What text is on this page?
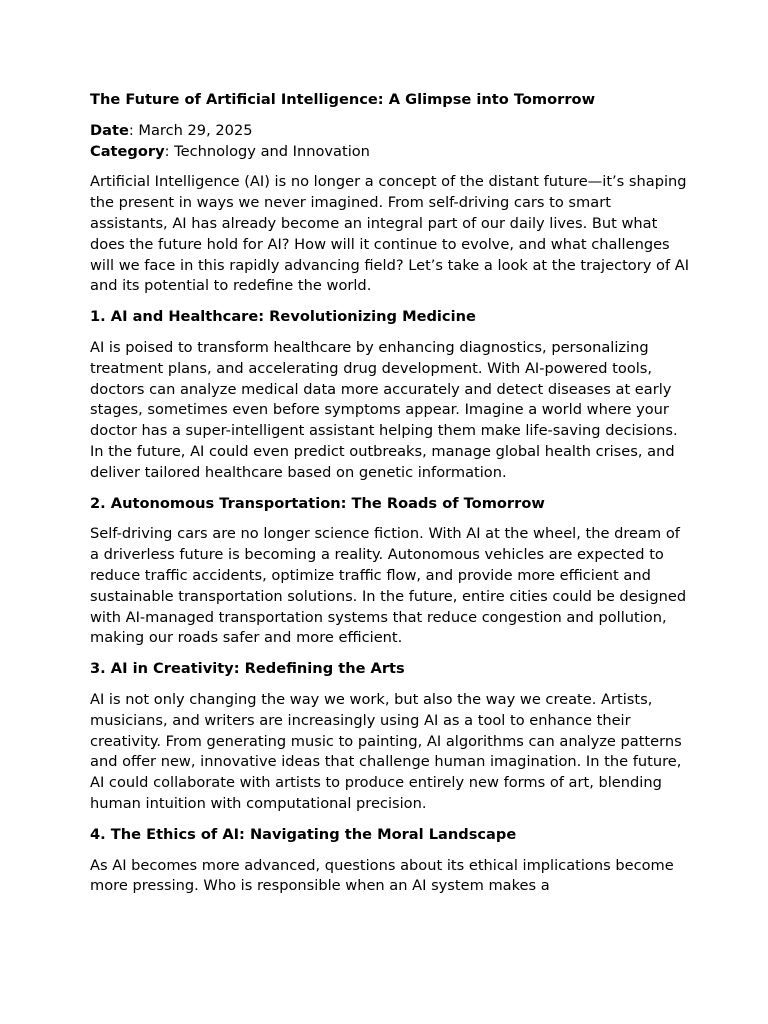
The Future of Artificial Intelligence: A Glimpse into Tomorrow
Date: March 29, 2025
Category: Technology and Innovation

Artificial Intelligence (AI) is no longer a concept of the distant future—it’s shaping the present in ways we never imagined. From self-driving cars to smart assistants, AI has already become an integral part of our daily lives. But what does the future hold for AI? How will it continue to evolve, and what challenges will we face in this rapidly advancing field? Let’s take a look at the trajectory of AI and its potential to redefine the world.

1. AI and Healthcare: Revolutionizing Medicine

AI is poised to transform healthcare by enhancing diagnostics, personalizing treatment plans, and accelerating drug development. With AI-powered tools, doctors can analyze medical data more accurately and detect diseases at early stages, sometimes even before symptoms appear. Imagine a world where your doctor has a super-intelligent assistant helping them make life-saving decisions. In the future, AI could even predict outbreaks, manage global health crises, and deliver tailored healthcare based on genetic information.

2. Autonomous Transportation: The Roads of Tomorrow

Self-driving cars are no longer science fiction. With AI at the wheel, the dream of a driverless future is becoming a reality. Autonomous vehicles are expected to reduce traffic accidents, optimize traffic flow, and provide more efficient and sustainable transportation solutions. In the future, entire cities could be designed with AI-managed transportation systems that reduce congestion and pollution, making our roads safer and more efficient.

3. AI in Creativity: Redefining the Arts

AI is not only changing the way we work, but also the way we create. Artists, musicians, and writers are increasingly using AI as a tool to enhance their creativity. From generating music to painting, AI algorithms can analyze patterns and offer new, innovative ideas that challenge human imagination. In the future, AI could collaborate with artists to produce entirely new forms of art, blending human intuition with computational precision.

4. The Ethics of AI: Navigating the Moral Landscape

As AI becomes more advanced, questions about its ethical implications become more pressing. Who is responsible when an AI system makes a
